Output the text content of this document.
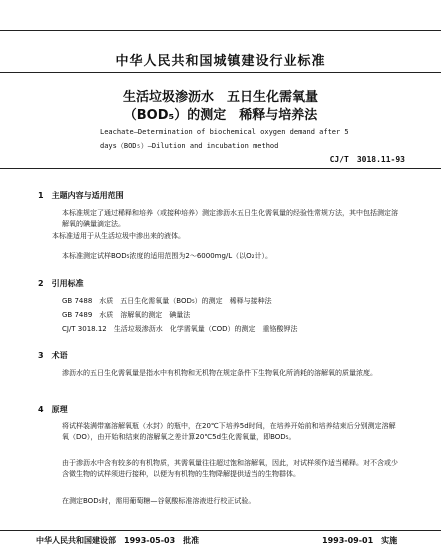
中华人民共和国城镇建设行业标准
生活垃圾渗沥水　五日生化需氧量
（BOD₅）的测定　稀释与培养法
Leachate—Determination of biochemical oxygen demand after 5
days（BOD₅）—Dilution and incubation method
CJ/T　3018.11-93
1　主题内容与适用范围
本标准规定了通过稀释和培养（或接种培养）测定渗沥水五日生化需氧量的经验性常规方法，其中包括测定溶解氧的碘量滴定法。
本标准适用于从生活垃圾中渗出来的液体。
本标准测定试样BOD₅浓度的适用范围为2～6000mg/L（以O₂计）。
2　引用标准
GB 7488　水质　五日生化需氧量（BOD₅）的测定　稀释与接种法
GB 7489　水质　溶解氧的测定　碘量法
CJ/T 3018.12　生活垃圾渗沥水　化学需氧量（COD）的测定　重铬酸钾法
3　术语
渗沥水的五日生化需氧量是指水中有机物和无机物在规定条件下生物氧化所消耗的溶解氧的质量浓度。
4　原理
将试样装满带塞溶解氧瓶（水封）的瓶中，在20℃下培养5d时间，在培养开始前和培养结束后分别测定溶解氧（DO），由开始和结束的溶解氧之差计算20℃5d生化需氧量，即BOD₅。
由于渗沥水中含有较多的有机物质，其需氧量往往超过饱和溶解氧，因此，对试样须作适当稀释。对不含或少含微生物的试样须进行接种，以便为有机物的生物降解提供适当的生物群体。
在测定BOD₅时，需用葡萄糖—谷氨酸标准溶液进行校正试验。
中华人民共和国建设部　1993-05-03　批准	1993-09-01　实施
